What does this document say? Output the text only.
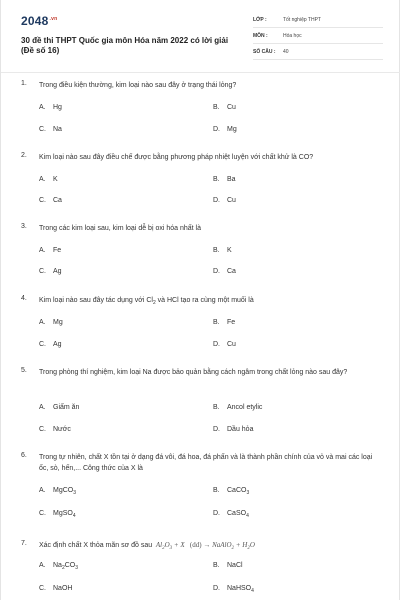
$2048^{.vn}$
30 đề thi THPT Quốc gia môn Hóa năm 2022 có lời giải (Đề số 16)
LỚP :	Tốt nghiệp THPT
MÔN :	Hóa học
SỐ CÂU : 40
1. Trong điều kiện thường, kim loại nào sau đây ở trạng thái lỏng?
A. Hg	B. Cu
C. Na	D. Mg
2. Kim loại nào sau đây điều chế được bằng phương pháp nhiệt luyện với chất khử là CO?
A. K	B. Ba
C. Ca	D. Cu
3. Trong các kim loại sau, kim loại dễ bị oxi hóa nhất là
A. Fe	B. K
C. Ag	D. Ca
4. Kim loại nào sau đây tác dụng với $Cl_2$ và HCl tạo ra cùng một muối là
A. Mg	B. Fe
C. Ag	D. Cu
5. Trong phòng thí nghiệm, kim loại Na được bảo quản bằng cách ngâm trong chất lỏng nào sau đây?
A. Giấm ăn	B. Ancol etylic
C. Nước	D. Dầu hỏa
6. Trong tự nhiên, chất X tồn tại ở dạng đá vôi, đá hoa, đá phấn và là thành phần chính của vỏ và mai các loại ốc, sò, hến,... Công thức của X là
A. MgCO$_3$	B. CaCO$_3$
C. MgSO$_4$	D. CaSO$_4$
7. Xác định chất X thỏa mãn sơ đồ sau $Al_2O_3 + X$ (dd) → NaAlO$_2$ + $H_2O$
A. $Na_2CO_3$	B. NaCl
C. NaOH	D. NaHSO$_4$
